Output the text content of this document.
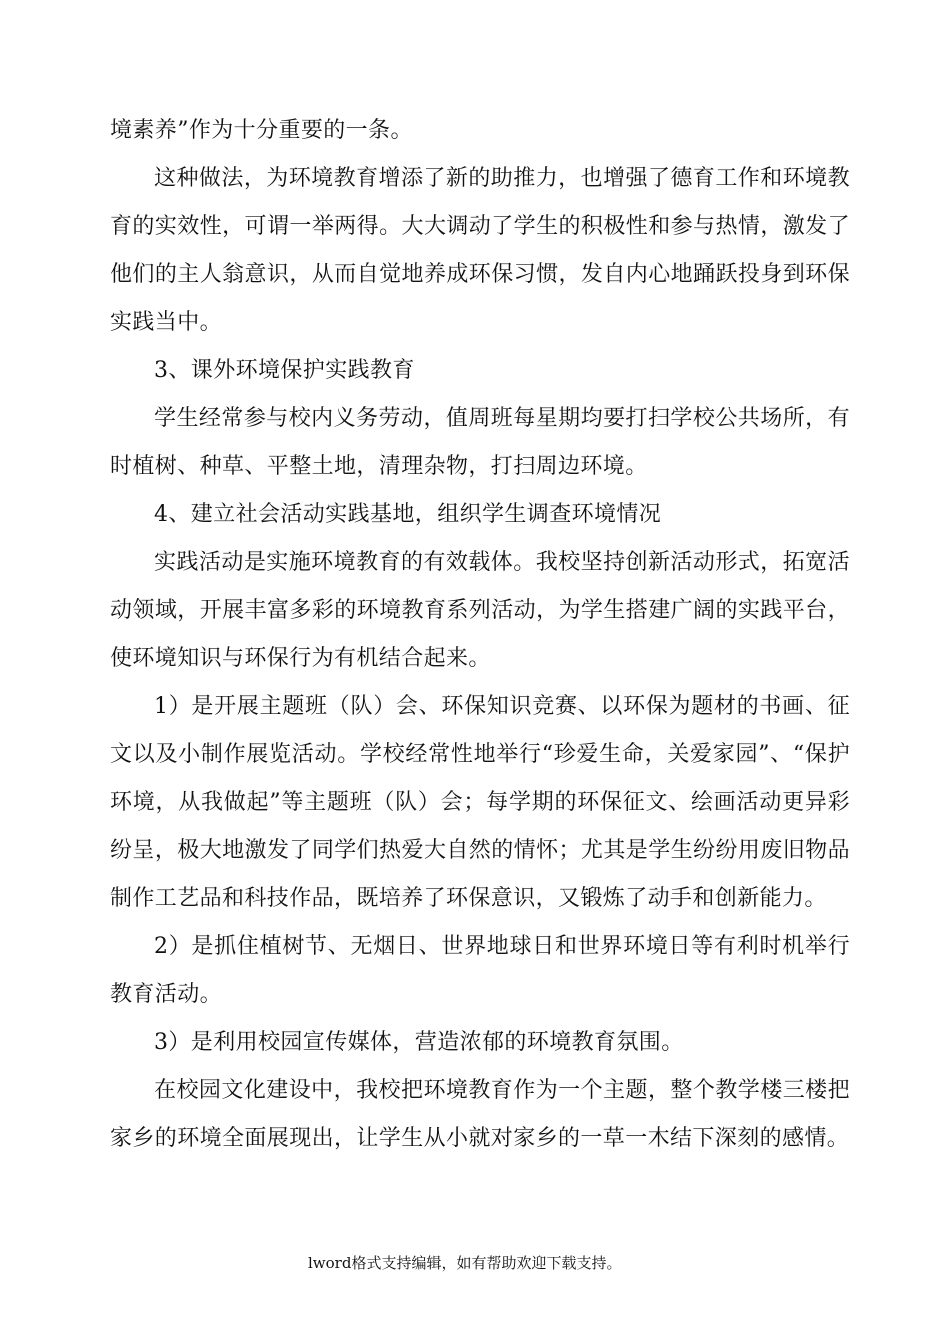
境素养”作为十分重要的一条。

这种做法，为环境教育增添了新的助推力，也增强了德育工作和环境教育的实效性，可谓一举两得。大大调动了学生的积极性和参与热情，激发了他们的主人翁意识，从而自觉地养成环保习惯，发自内心地踊跃投身到环保实践当中。

3、课外环境保护实践教育

学生经常参与校内义务劳动，值周班每星期均要打扫学校公共场所，有时植树、种草、平整土地，清理杂物，打扫周边环境。

4、建立社会活动实践基地，组织学生调查环境情况

实践活动是实施环境教育的有效载体。我校坚持创新活动形式，拓宽活动领域，开展丰富多彩的环境教育系列活动，为学生搭建广阔的实践平台，使环境知识与环保行为有机结合起来。

1）是开展主题班（队）会、环保知识竞赛、以环保为题材的书画、征文以及小制作展览活动。学校经常性地举行“珍爱生命，关爱家园”、“保护环境，从我做起”等主题班（队）会；每学期的环保征文、绘画活动更异彩纷呈，极大地激发了同学们热爱大自然的情怀；尤其是学生纷纷用废旧物品制作工艺品和科技作品，既培养了环保意识，又锻炼了动手和创新能力。

2）是抓住植树节、无烟日、世界地球日和世界环境日等有利时机举行教育活动。

3）是利用校园宣传媒体，营造浓郁的环境教育氛围。

在校园文化建设中，我校把环境教育作为一个主题，整个教学楼三楼把家乡的环境全面展现出，让学生从小就对家乡的一草一木结下深刻的感情。

lword格式支持编辑，如有帮助欢迎下载支持。
